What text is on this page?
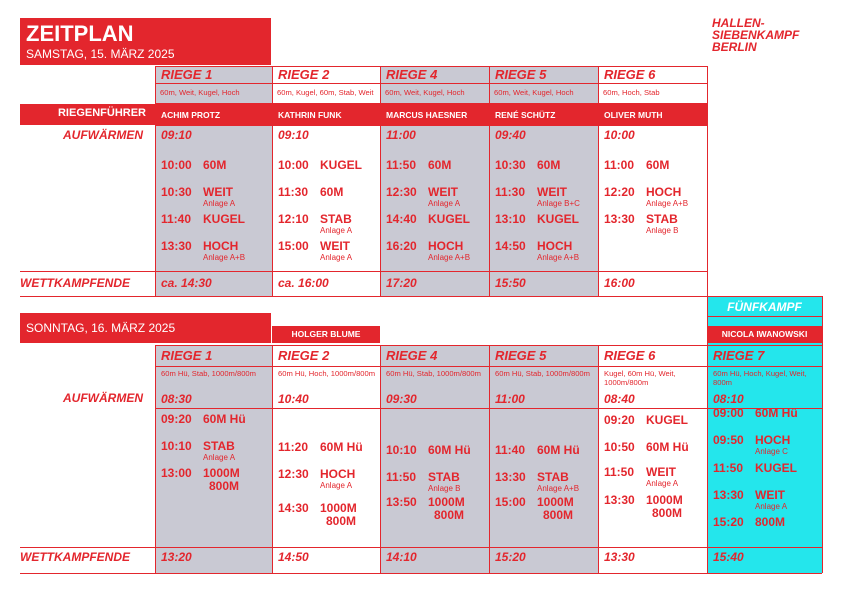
ZEITPLAN
SAMSTAG, 15. MÄRZ 2025
HALLEN-
SIEBENKAMPF
BERLIN
RIEGENFÜHRER
AUFWÄRMEN
WETTKAMPFENDE
RIEGE 1
60m, Weit, Kugel, Hoch
ACHIM PROTZ
09:10
ca. 14:30
10:00 60M
10:30 WEIT
Anlage A
11:40 KUGEL
13:30 HOCH
Anlage A+B
RIEGE 2
60m, Kugel, 60m, Stab, Weit
KATHRIN FUNK
09:10
ca. 16:00
10:00 KUGEL
11:30 60M
12:10 STAB
Anlage A
15:00 WEIT
Anlage A
RIEGE 4
60m, Weit, Kugel, Hoch
MARCUS HAESNER
11:00
17:20
11:50 60M
12:30 WEIT
Anlage A
14:40 KUGEL
16:20 HOCH
Anlage A+B
RIEGE 5
60m, Weit, Kugel, Hoch
RENÉ SCHÜTZ
09:40
15:50
10:30 60M
11:30 WEIT
Anlage B+C
13:10 KUGEL
14:50 HOCH
Anlage A+B
RIEGE 6
60m, Hoch, Stab
OLIVER MUTH
10:00
16:00
11:00 60M
12:20 HOCH
Anlage A+B
13:30 STAB
Anlage B
SONNTAG, 16. MÄRZ 2025	HOLGER BLUME
FÜNFKAMPF
NICOLA IWANOWSKI
AUFWÄRMEN
WETTKAMPFENDE
RIEGE 1
60m Hü, Stab, 1000m/800m
08:30
13:20
09:20 60M Hü
10:10 STAB
Anlage A
13:00 1000M
800M
RIEGE 2
60m Hü, Hoch, 1000m/800m
10:40
14:50
11:20 60M Hü
12:30 HOCH
Anlage A
14:30 1000M
800M
RIEGE 4
60m Hü, Stab, 1000m/800m
09:30
14:10
10:10 60M Hü
11:50 STAB
Anlage B
13:50 1000M
800M
RIEGE 5
60m Hü, Stab, 1000m/800m
11:00
15:20
11:40 60M Hü
13:30 STAB
Anlage A+B
15:00 1000M
800M
RIEGE 6
Kugel, 60m Hü, Weit, 1000m/800m
08:40
13:30
09:20 KUGEL
10:50 60M Hü
11:50 WEIT
Anlage A
13:30 1000M
800M
RIEGE 7
60m Hü, Hoch, Kugel, Weit, 800m
08:10
15:40
09:00 60M Hü
09:50 HOCH
Anlage C
11:50 KUGEL
13:30 WEIT
Anlage A
15:20 800M
